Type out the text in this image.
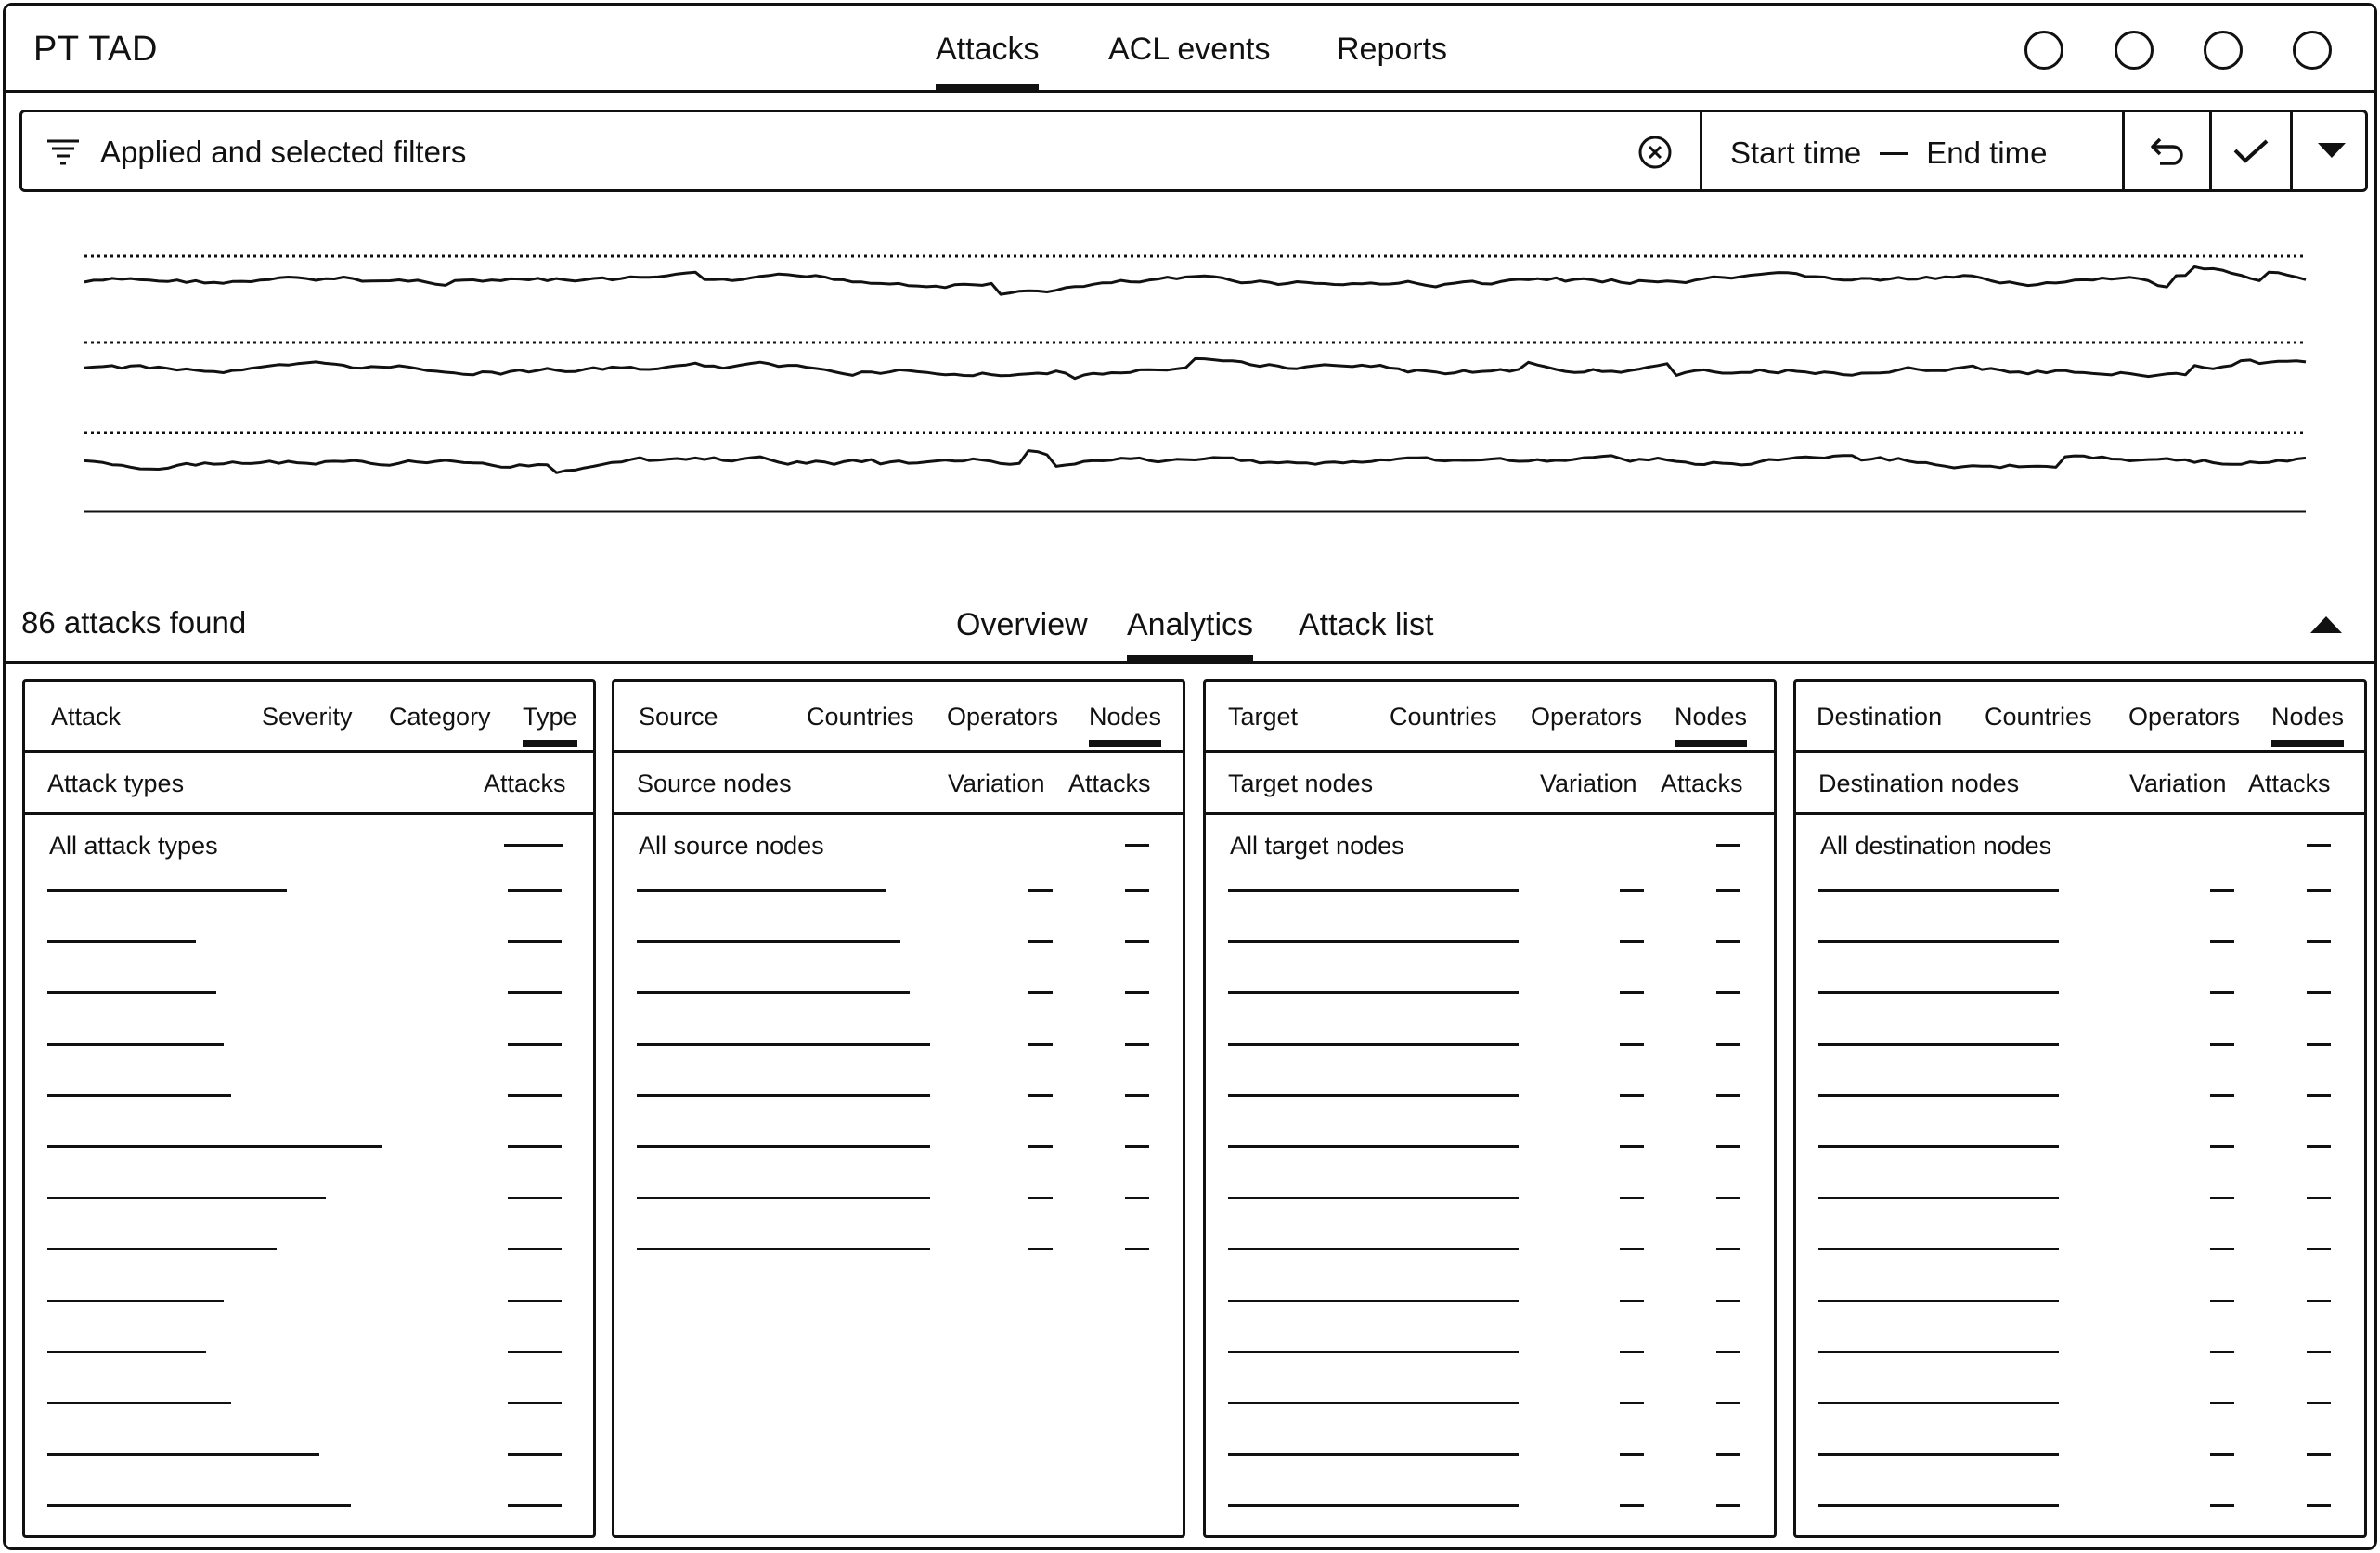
PT TAD	Attacks ACL events Reports
Applied and selected filters	Start time End time
86 attacks found	Overview Analytics Attack list
Attack	Severity Category Type
Attack types	Attacks
All attack types
Source	Countries Operators Nodes
Source nodes	Variation Attacks
All source nodes
Target	Countries Operators Nodes
Target nodes	Variation Attacks
All target nodes
Destination Countries Operators Nodes
Destination nodes	Variation Attacks
All destination nodes
